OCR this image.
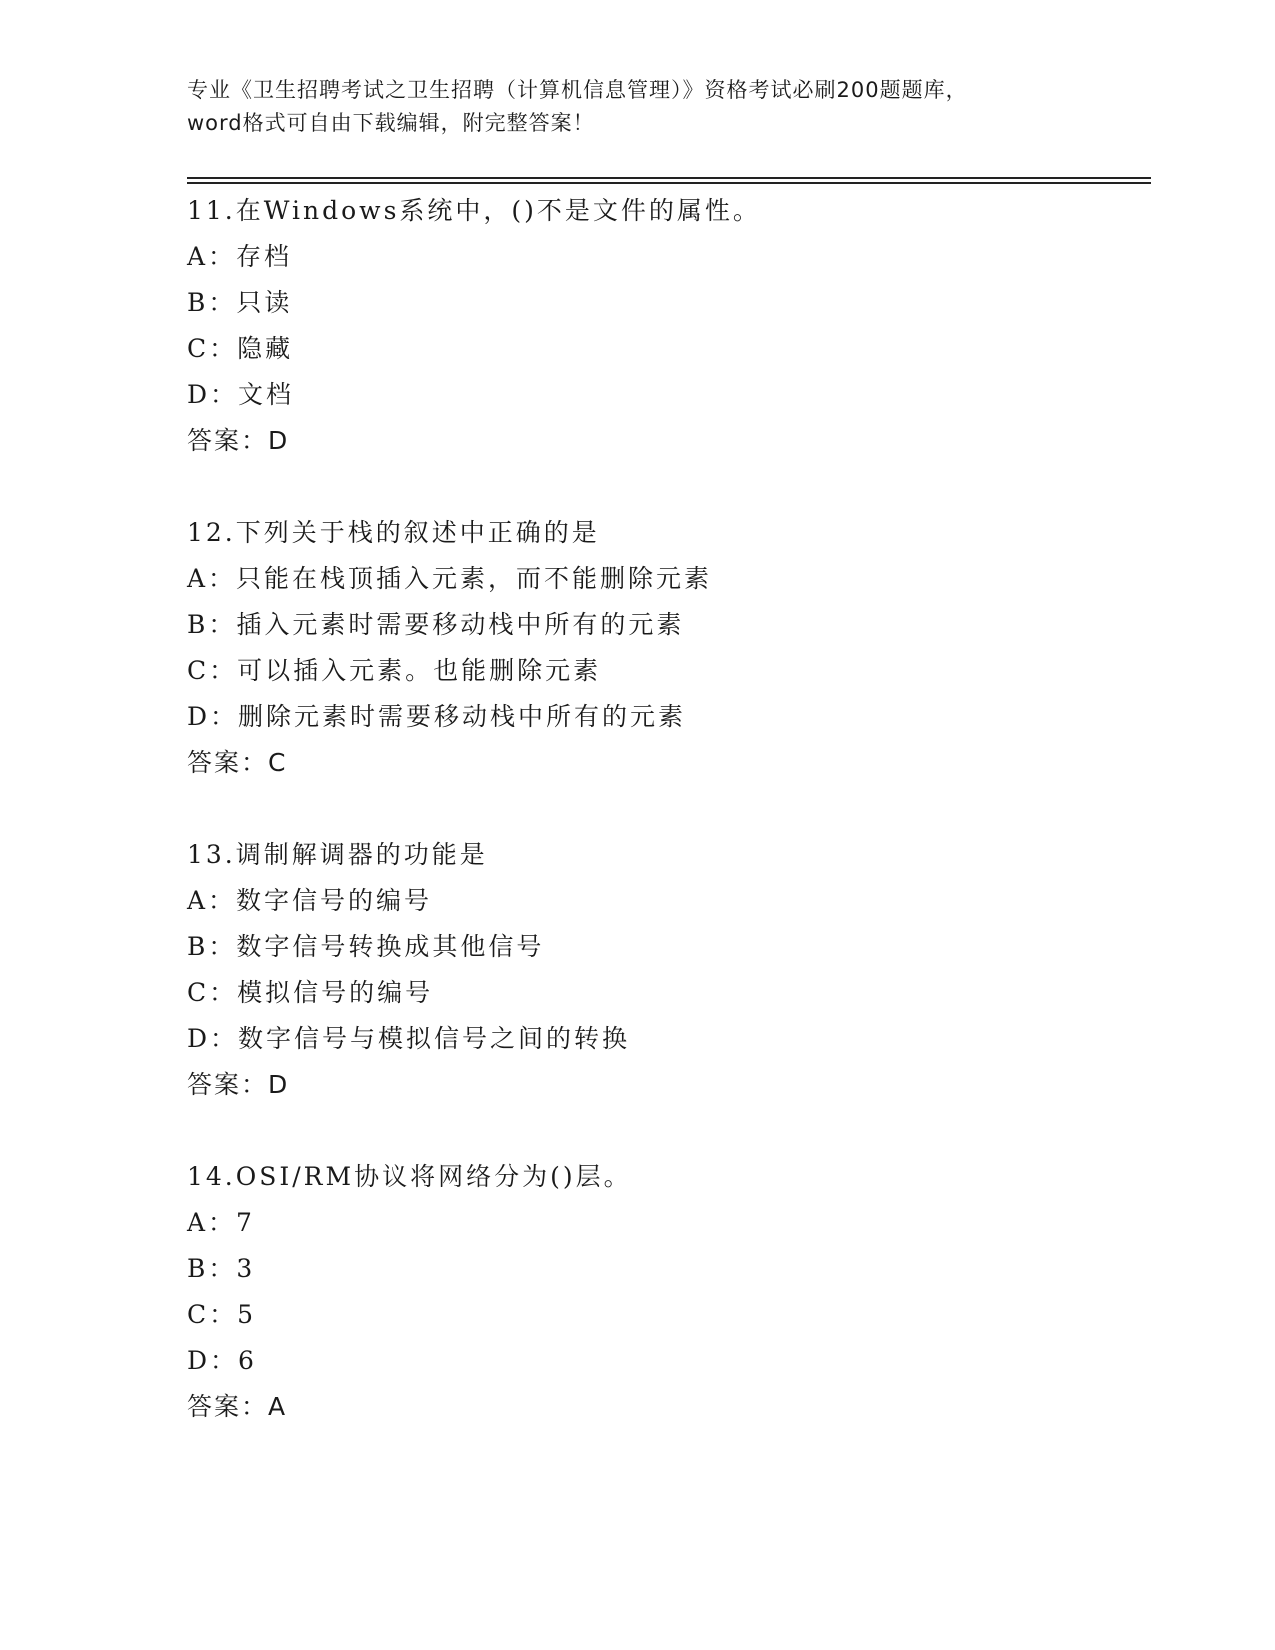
专业《卫生招聘考试之卫生招聘（计算机信息管理）》资格考试必刷200题题库，
word格式可自由下载编辑，附完整答案！
11.在Windows系统中，()不是文件的属性。
A：存档
B：只读
C：隐藏
D：文档
答案：D
12.下列关于栈的叙述中正确的是
A：只能在栈顶插入元素，而不能删除元素
B：插入元素时需要移动栈中所有的元素
C：可以插入元素。也能删除元素
D：删除元素时需要移动栈中所有的元素
答案：C
13.调制解调器的功能是
A：数字信号的编号
B：数字信号转换成其他信号
C：模拟信号的编号
D：数字信号与模拟信号之间的转换
答案：D
14.OSI/RM协议将网络分为()层。
A：7
B：3
C：5
D：6
答案：A
